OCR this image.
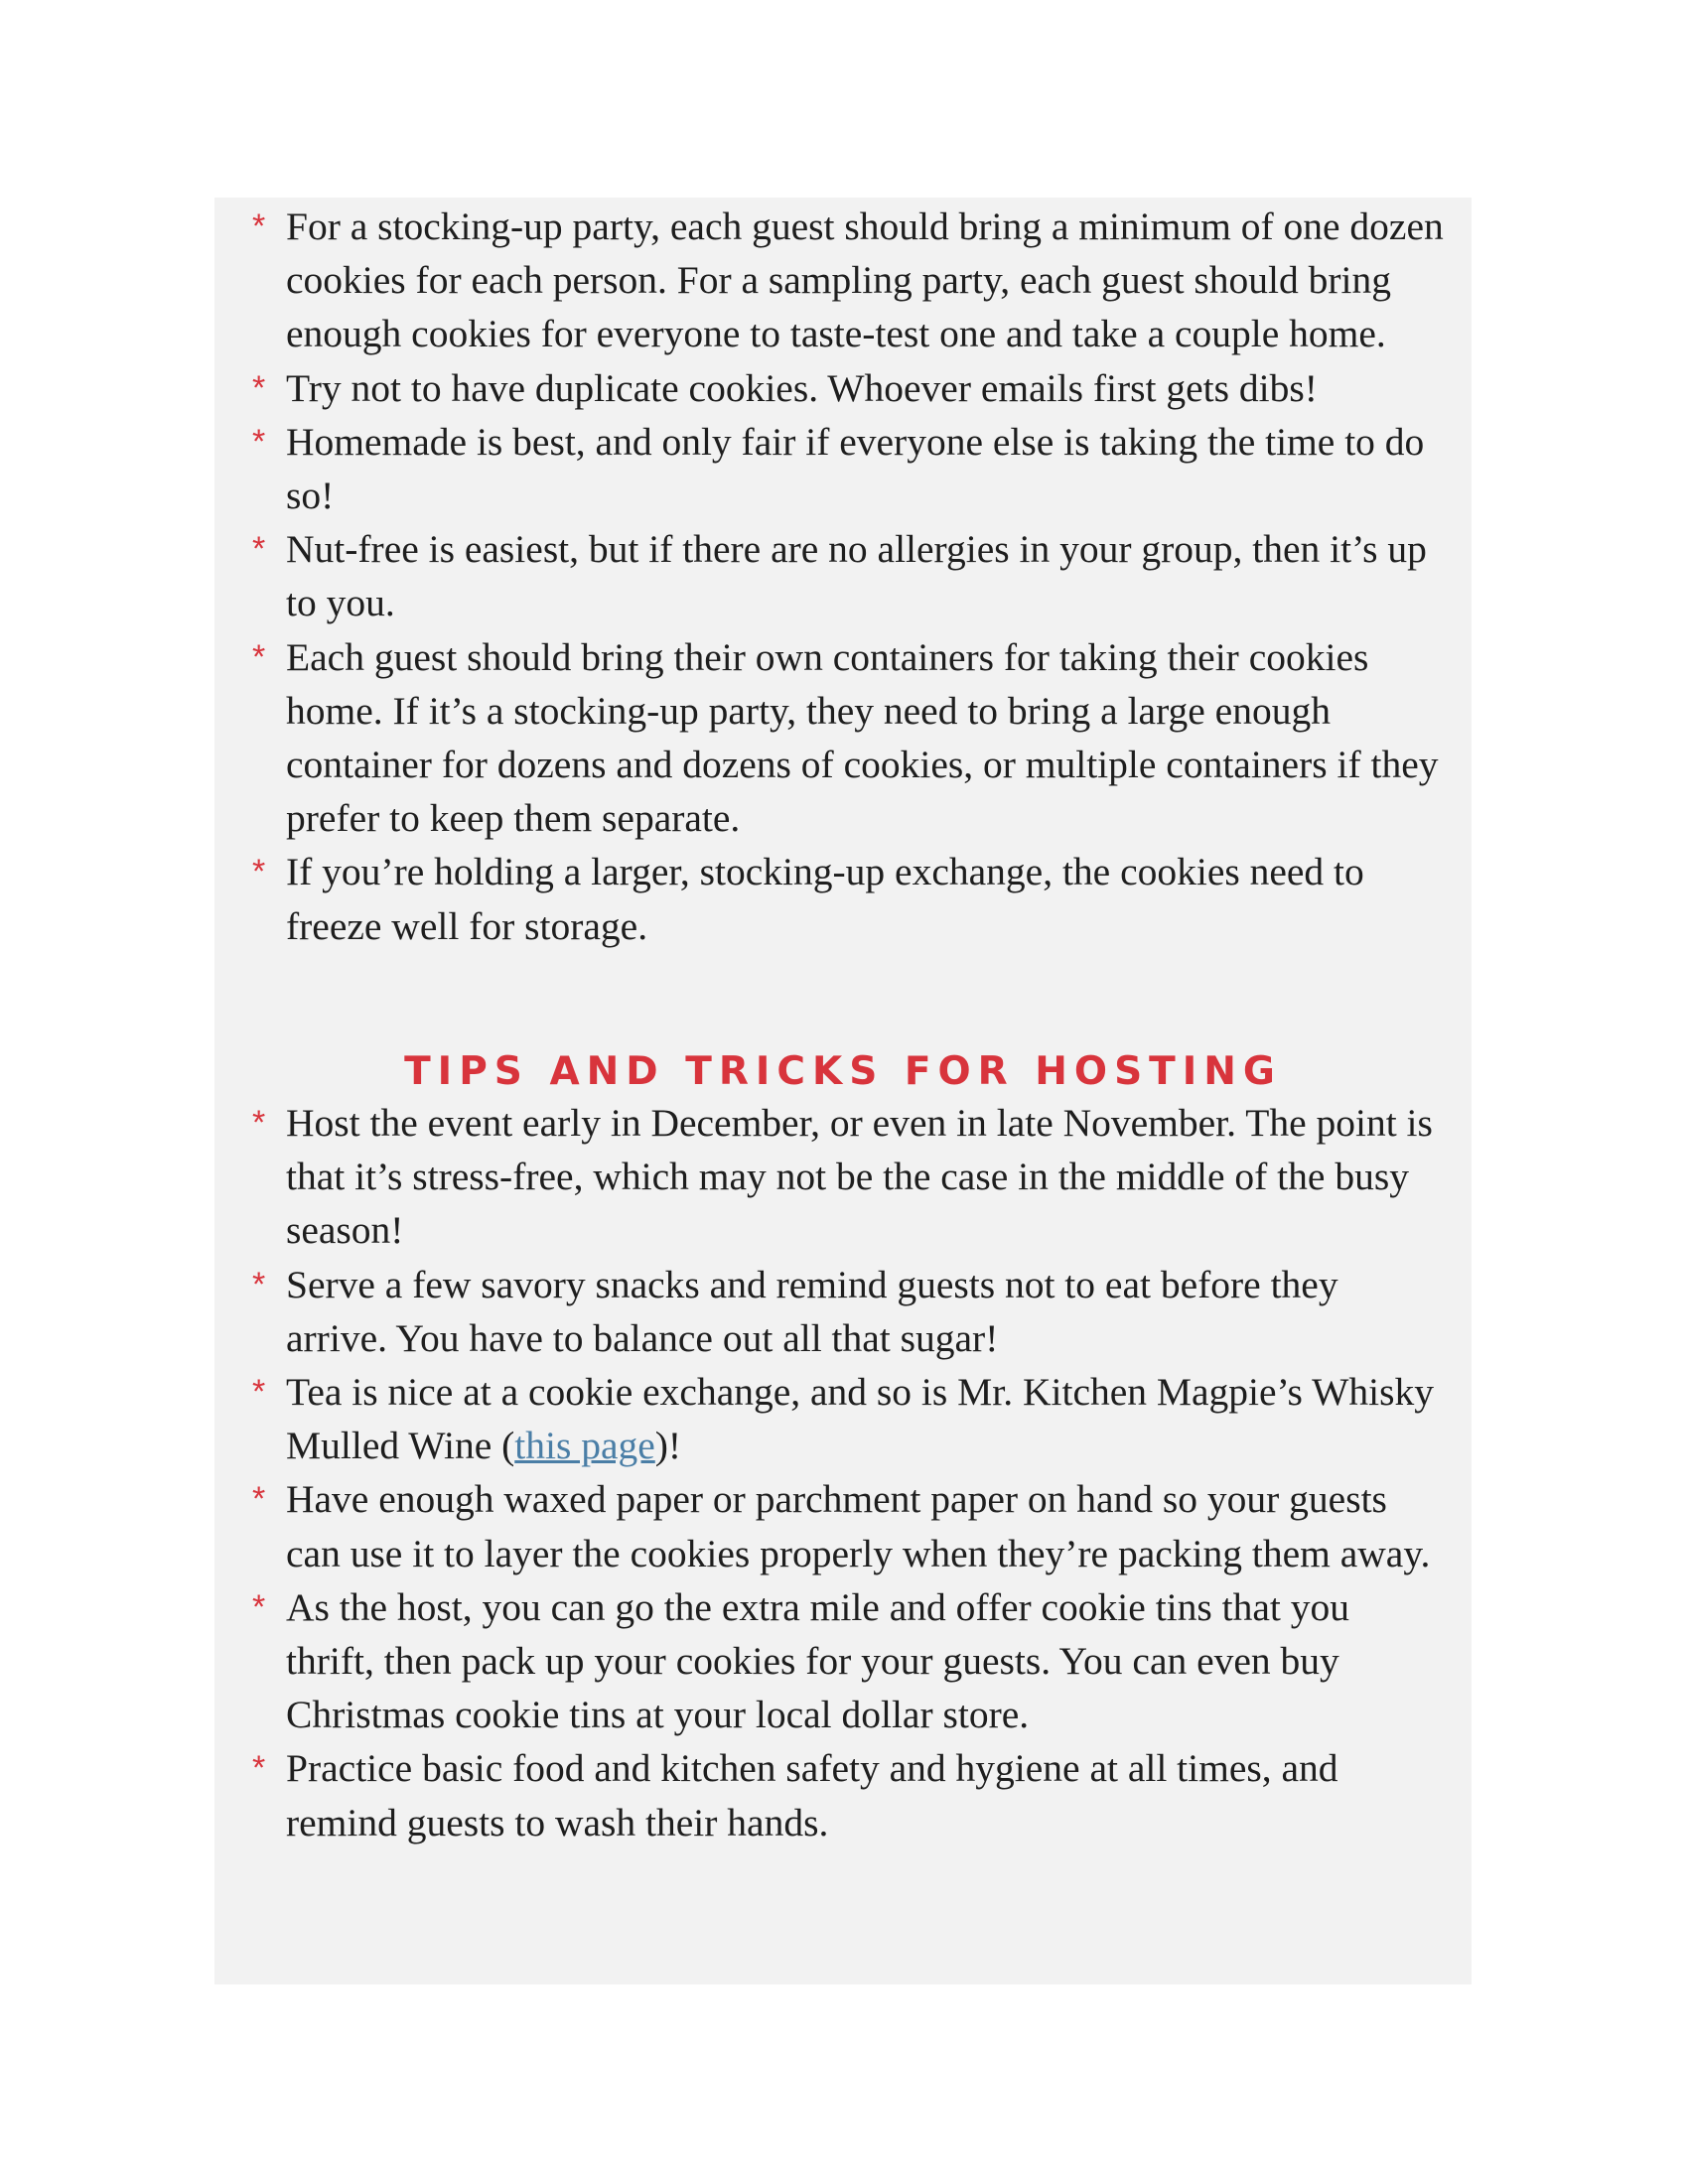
* For a stocking-up party, each guest should bring a minimum of one dozen cookies for each person. For a sampling party, each guest should bring enough cookies for everyone to taste-test one and take a couple home.
* Try not to have duplicate cookies. Whoever emails first gets dibs!
* Homemade is best, and only fair if everyone else is taking the time to do so!
* Nut-free is easiest, but if there are no allergies in your group, then it’s up to you.
* Each guest should bring their own containers for taking their cookies home. If it’s a stocking-up party, they need to bring a large enough container for dozens and dozens of cookies, or multiple containers if they prefer to keep them separate.
* If you’re holding a larger, stocking-up exchange, the cookies need to freeze well for storage.
TIPS AND TRICKS FOR HOSTING
* Host the event early in December, or even in late November. The point is that it’s stress-free, which may not be the case in the middle of the busy season!
* Serve a few savory snacks and remind guests not to eat before they arrive. You have to balance out all that sugar!
* Tea is nice at a cookie exchange, and so is Mr. Kitchen Magpie’s Whisky Mulled Wine (this page)!
* Have enough waxed paper or parchment paper on hand so your guests can use it to layer the cookies properly when they’re packing them away.
* As the host, you can go the extra mile and offer cookie tins that you thrift, then pack up your cookies for your guests. You can even buy Christmas cookie tins at your local dollar store.
* Practice basic food and kitchen safety and hygiene at all times, and remind guests to wash their hands.
